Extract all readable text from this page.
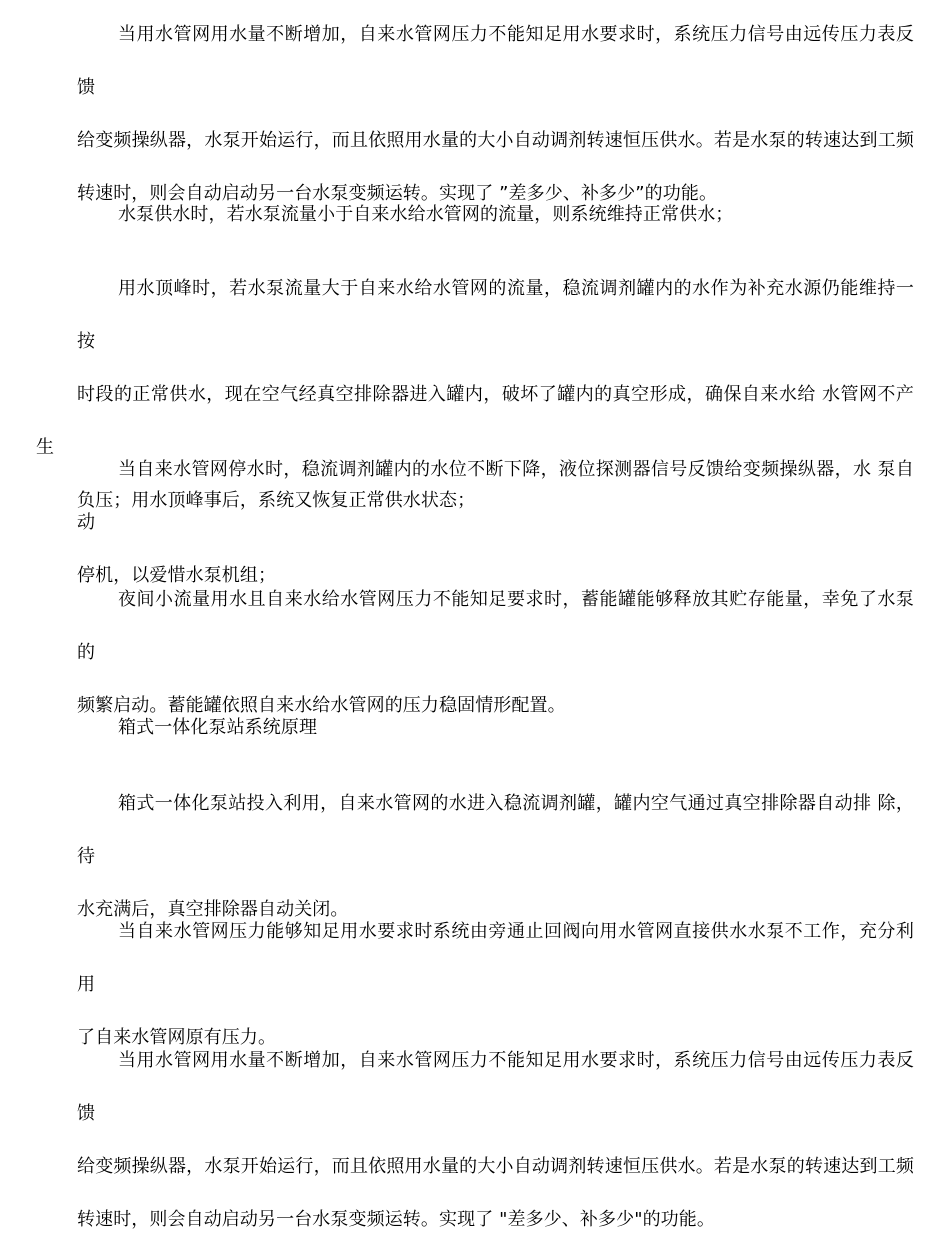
当用水管网用水量不断增加，自来水管网压力不能知足用水要求时，系统压力信号由远传压力表反馈
给变频操纵器，水泵开始运行，而且依照用水量的大小自动调剂转速恒压供水。若是水泵的转速达到工频
转速时，则会自动启动另一台水泵变频运转。实现了 ”差多少、补多少”的功能。
水泵供水时，若水泵流量小于自来水给水管网的流量，则系统维持正常供水；
用水顶峰时，若水泵流量大于自来水给水管网的流量，稳流调剂罐内的水作为补充水源仍能维持一按
时段的正常供水，现在空气经真空排除器进入罐内，破坏了罐内的真空形成，确保自来水给 水管网不产生
负压；用水顶峰事后，系统又恢复正常供水状态；
当自来水管网停水时，稳流调剂罐内的水位不断下降，液位探测器信号反馈给变频操纵器，水 泵自动
停机，以爱惜水泵机组；
夜间小流量用水且自来水给水管网压力不能知足要求时，蓄能罐能够释放其贮存能量，幸免了水泵的
频繁启动。蓄能罐依照自来水给水管网的压力稳固情形配置。
箱式一体化泵站系统原理
箱式一体化泵站投入利用，自来水管网的水进入稳流调剂罐，罐内空气通过真空排除器自动排 除，待
水充满后，真空排除器自动关闭。
当自来水管网压力能够知足用水要求时系统由旁通止回阀向用水管网直接供水水泵不工作，充分利用
了自来水管网原有压力。
当用水管网用水量不断增加，自来水管网压力不能知足用水要求时，系统压力信号由远传压力表反馈
给变频操纵器，水泵开始运行，而且依照用水量的大小自动调剂转速恒压供水。若是水泵的转速达到工频
转速时，则会自动启动另一台水泵变频运转。实现了 "差多少、补多少"的功能。
